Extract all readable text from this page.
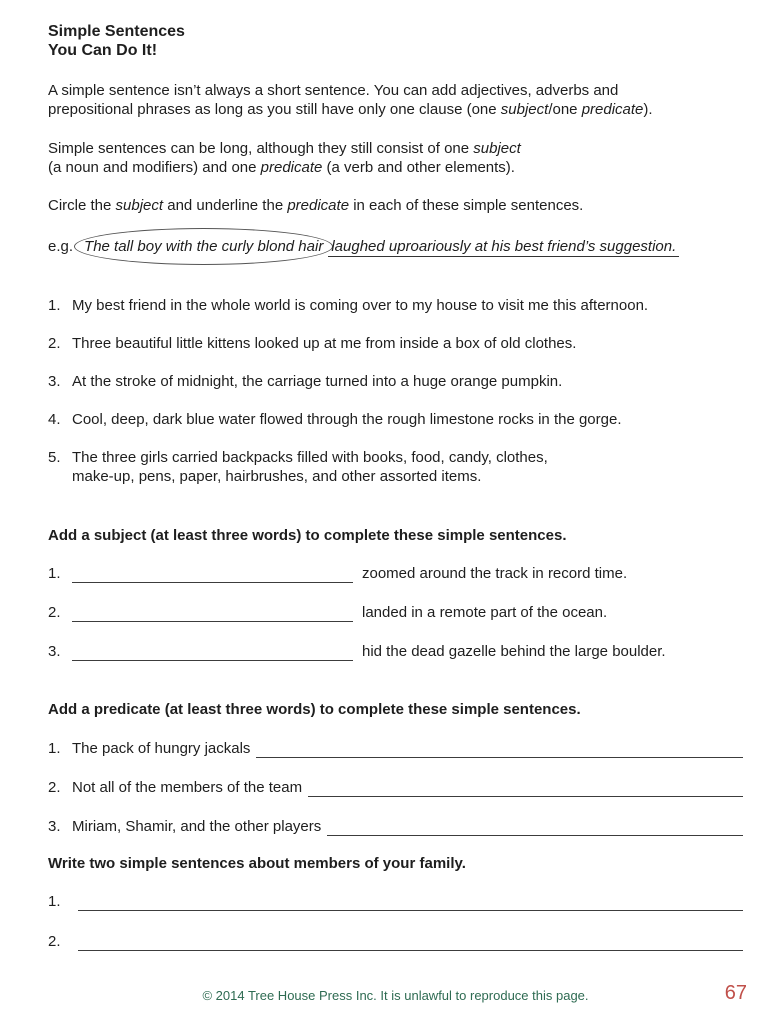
Simple Sentences
You Can Do It!
A simple sentence isn’t always a short sentence. You can add adjectives, adverbs and
prepositional phrases as long as you still have only one clause (one subject/one predicate).
Simple sentences can be long, although they still consist of one subject
(a noun and modifiers) and one predicate (a verb and other elements).
Circle the subject and underline the predicate in each of these simple sentences.
e.g. The tall boy with the curly blond hair laughed uproariously at his best friend’s suggestion.
1. My best friend in the whole world is coming over to my house to visit me this afternoon.
2. Three beautiful little kittens looked up at me from inside a box of old clothes.
3. At the stroke of midnight, the carriage turned into a huge orange pumpkin.
4. Cool, deep, dark blue water flowed through the rough limestone rocks in the gorge.
5. The three girls carried backpacks filled with books, food, candy, clothes,
make-up, pens, paper, hairbrushes, and other assorted items.
Add a subject (at least three words) to complete these simple sentences.
1.	zoomed around the track in record time.
2.	landed in a remote part of the ocean.
3.	hid the dead gazelle behind the large boulder.
Add a predicate (at least three words) to complete these simple sentences.
1. The pack of hungry jackals
2. Not all of the members of the team
3. Miriam, Shamir, and the other players
Write two simple sentences about members of your family.
1.
2.
© 2014 Tree House Press Inc. It is unlawful to reproduce this page.	67
